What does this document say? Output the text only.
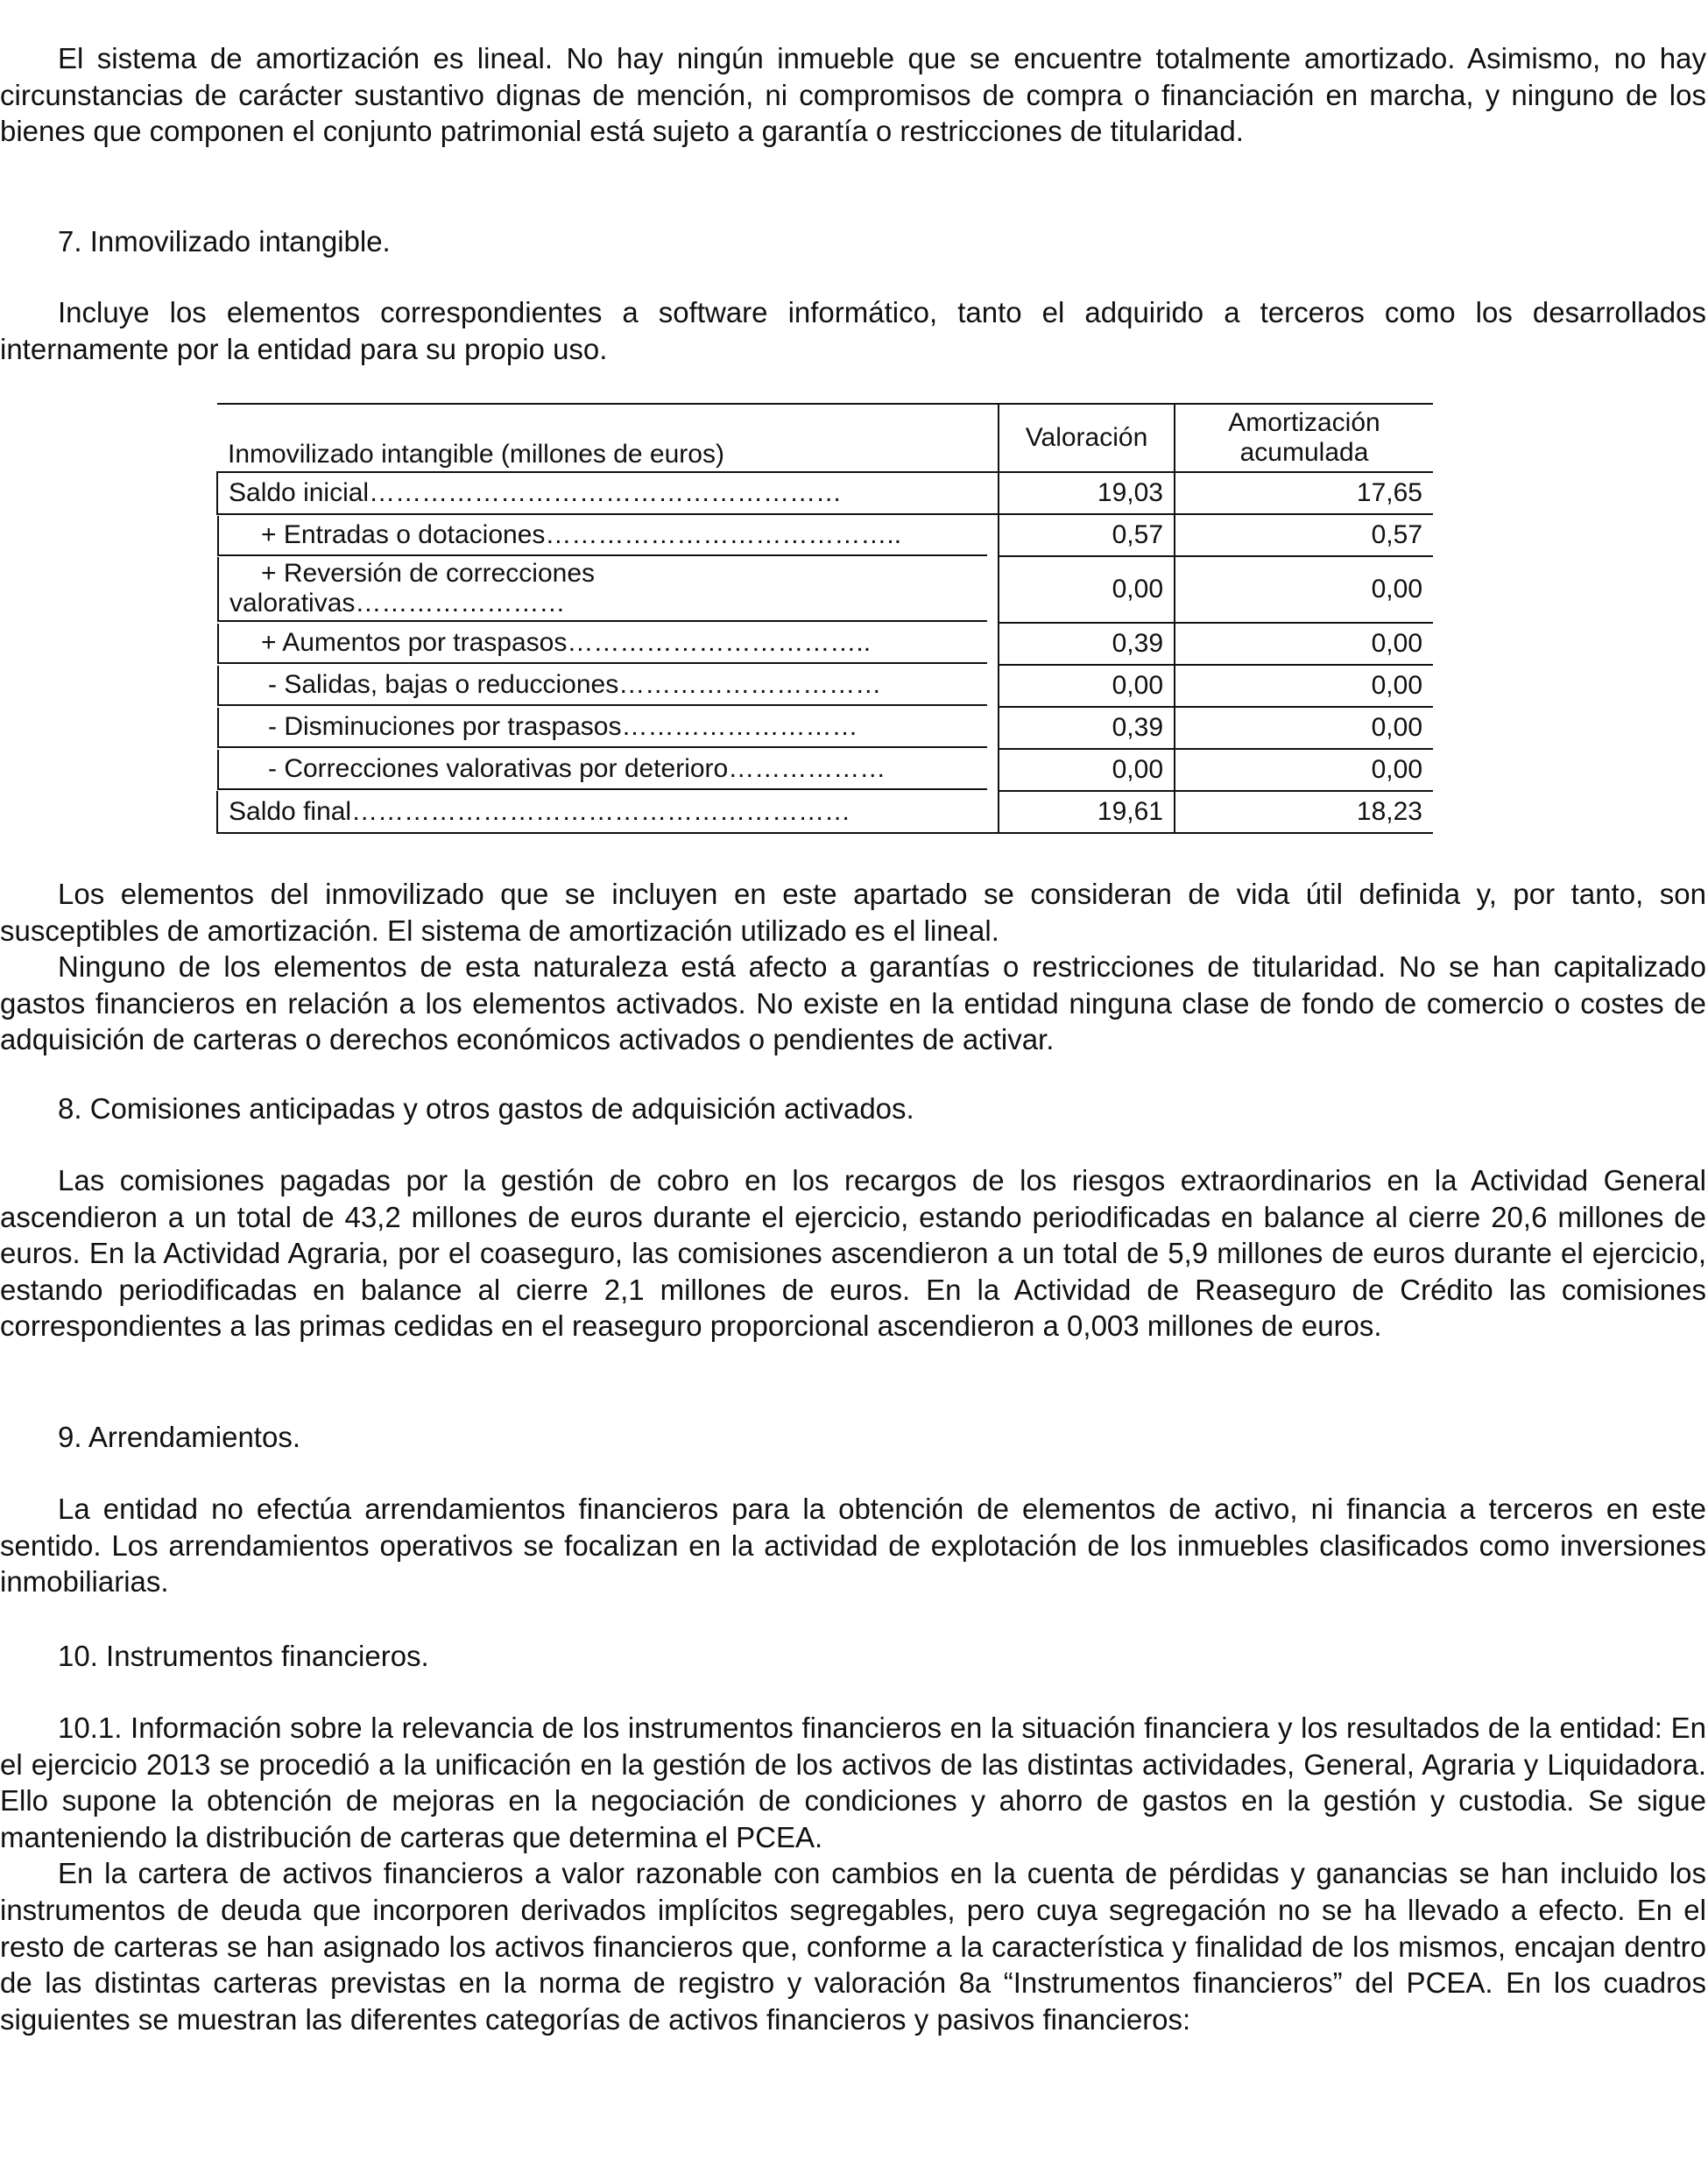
El sistema de amortización es lineal. No hay ningún inmueble que se encuentre totalmente amortizado. Asimismo, no hay circunstancias de carácter sustantivo dignas de mención, ni compromisos de compra o financiación en marcha, y ninguno de los bienes que componen el conjunto patrimonial está sujeto a garantía o restricciones de titularidad.

7. Inmovilizado intangible.

Incluye los elementos correspondientes a software informático, tanto el adquirido a terceros como los desarrollados internamente por la entidad para su propio uso.

Inmovilizado intangible (millones de euros)	Valoración	Amortización
acumulada
Saldo inicial………………………………………………	19,03	17,65

+ Entradas o dotaciones…………………………………..	0,57	0,57

+ Reversión de correcciones
valorativas……………………	0,00	0,00

+ Aumentos por traspasos……………………………..	0,39	0,00

- Salidas, bajas o reducciones…………………………	0,00	0,00

- Disminuciones por traspasos………………………	0,39	0,00

- Correcciones valorativas por deterioro………………	0,00	0,00
Saldo final…………………………………………………	19,61	18,23

Los elementos del inmovilizado que se incluyen en este apartado se consideran de vida útil definida y, por tanto, son susceptibles de amortización. El sistema de amortización utilizado es el lineal.

Ninguno de los elementos de esta naturaleza está afecto a garantías o restricciones de titularidad. No se han capitalizado gastos financieros en relación a los elementos activados. No existe en la entidad ninguna clase de fondo de comercio o costes de adquisición de carteras o derechos económicos activados o pendientes de activar.

8. Comisiones anticipadas y otros gastos de adquisición activados.

Las comisiones pagadas por la gestión de cobro en los recargos de los riesgos extraordinarios en la Actividad General ascendieron a un total de 43,2 millones de euros durante el ejercicio, estando periodificadas en balance al cierre 20,6 millones de euros. En la Actividad Agraria, por el coaseguro, las comisiones ascendieron a un total de 5,9 millones de euros durante el ejercicio, estando periodificadas en balance al cierre 2,1 millones de euros. En la Actividad de Reaseguro de Crédito las comisiones correspondientes a las primas cedidas en el reaseguro proporcional ascendieron a 0,003 millones de euros.

9. Arrendamientos.

La entidad no efectúa arrendamientos financieros para la obtención de elementos de activo, ni financia a terceros en este sentido. Los arrendamientos operativos se focalizan en la actividad de explotación de los inmuebles clasificados como inversiones inmobiliarias.

10. Instrumentos financieros.

10.1. Información sobre la relevancia de los instrumentos financieros en la situación financiera y los resultados de la entidad: En el ejercicio 2013 se procedió a la unificación en la gestión de los activos de las distintas actividades, General, Agraria y Liquidadora. Ello supone la obtención de mejoras en la negociación de condiciones y ahorro de gastos en la gestión y custodia. Se sigue manteniendo la distribución de carteras que determina el PCEA.

En la cartera de activos financieros a valor razonable con cambios en la cuenta de pérdidas y ganancias se han incluido los instrumentos de deuda que incorporen derivados implícitos segregables, pero cuya segregación no se ha llevado a efecto. En el resto de carteras se han asignado los activos financieros que, conforme a la característica y finalidad de los mismos, encajan dentro de las distintas carteras previstas en la norma de registro y valoración 8a “Instrumentos financieros” del PCEA. En los cuadros siguientes se muestran las diferentes categorías de activos financieros y pasivos financieros:
